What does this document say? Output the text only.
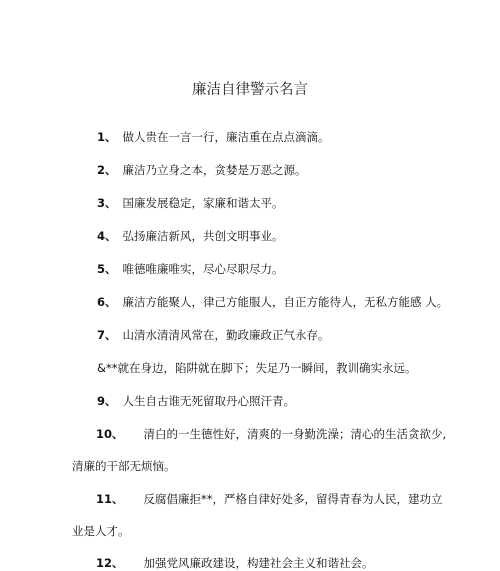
廉洁自律警示名言
1、 做人贵在一言一行，廉洁重在点点滴滴。
2、 廉洁乃立身之本，贪婪是万恶之源。
3、 国廉发展稳定，家廉和谐太平。
4、 弘扬廉洁新风，共创文明事业。
5、 唯德唯廉唯实，尽心尽职尽力。
6、 廉洁方能聚人，律己方能服人，自正方能待人，无私方能感 人。
7、 山清水清清风常在，勤政廉政正气永存。
&**就在身边，陷阱就在脚下；失足乃一瞬间，教训确实永远。
9、 人生自古谁无死留取丹心照汗青。
10、 清白的一生德性好，清爽的一身勤洗澡；清心的生活贪欲少,
清廉的干部无烦恼。
11、 反腐倡廉拒**，严格自律好处多，留得青春为人民，建功立
业是人才。
12、 加强党风廉政建设，构建社会主义和谐社会。
